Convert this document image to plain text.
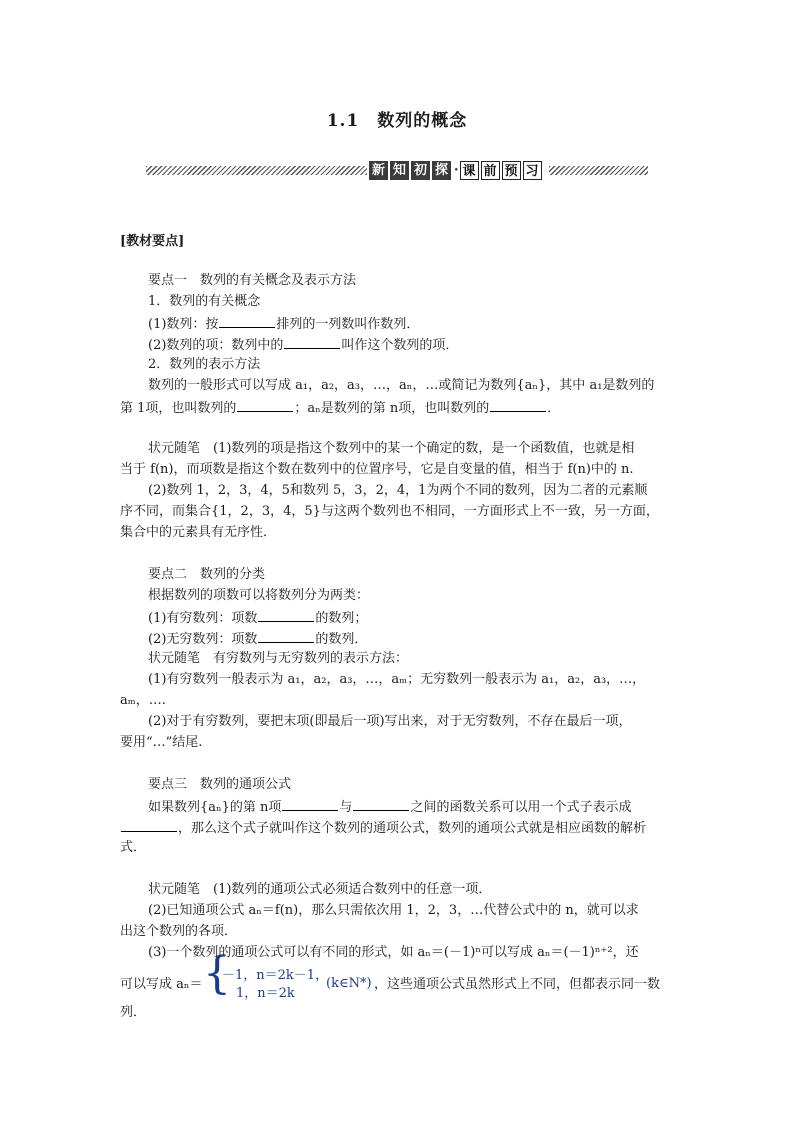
1.1 数列的概念
新 知 初 探 · 课 前 预 习
[教材要点]
要点一　数列的有关概念及表示方法
1．数列的有关概念
(1)数列：按	排列的一列数叫作数列．
(2)数列的项：数列中的	叫作这个数列的项．
2．数列的表示方法
数列的一般形式可以写成 a₁，a₂，a₃，…，aₙ，…或简记为数列{aₙ}，其中 a₁是数列的
第 1项，也叫数列的	；aₙ是数列的第 n项，也叫数列的	．
状元随笔　(1)数列的项是指这个数列中的某一个确定的数，是一个函数值，也就是相
当于 f(n)，而项数是指这个数在数列中的位置序号，它是自变量的值，相当于 f(n)中的 n.
(2)数列 1，2，3，4，5和数列 5，3，2，4，1为两个不同的数列，因为二者的元素顺
序不同，而集合{1，2，3，4，5}与这两个数列也不相同，一方面形式上不一致，另一方面，
集合中的元素具有无序性．
要点二　数列的分类
根据数列的项数可以将数列分为两类：
(1)有穷数列：项数	的数列；
(2)无穷数列：项数	的数列．
状元随笔　有穷数列与无穷数列的表示方法：
(1)有穷数列一般表示为 a₁，a₂，a₃，…，aₘ；无穷数列一般表示为 a₁，a₂，a₃，…，
aₘ，….
(2)对于有穷数列，要把末项(即最后一项)写出来，对于无穷数列，不存在最后一项，
要用“…”结尾.
要点三　数列的通项公式
如果数列{aₙ}的第 n项	与	之间的函数关系可以用一个式子表示成
，那么这个式子就叫作这个数列的通项公式，数列的通项公式就是相应函数的解析
式．
状元随笔　(1)数列的通项公式必须适合数列中的任意一项．
(2)已知通项公式 aₙ＝f(n)，那么只需依次用 1，2，3，…代替公式中的 n，就可以求
出这个数列的各项．
(3)一个数列的通项公式可以有不同的形式，如 aₙ＝(－1)ⁿ可以写成 aₙ＝(－1)ⁿ⁺²，还
可以写成 aₙ＝ {
－1，n＝2k－1，
1，n＝2k
(k∈N*) ，这些通项公式虽然形式上不同，但都表示同一数
列．
